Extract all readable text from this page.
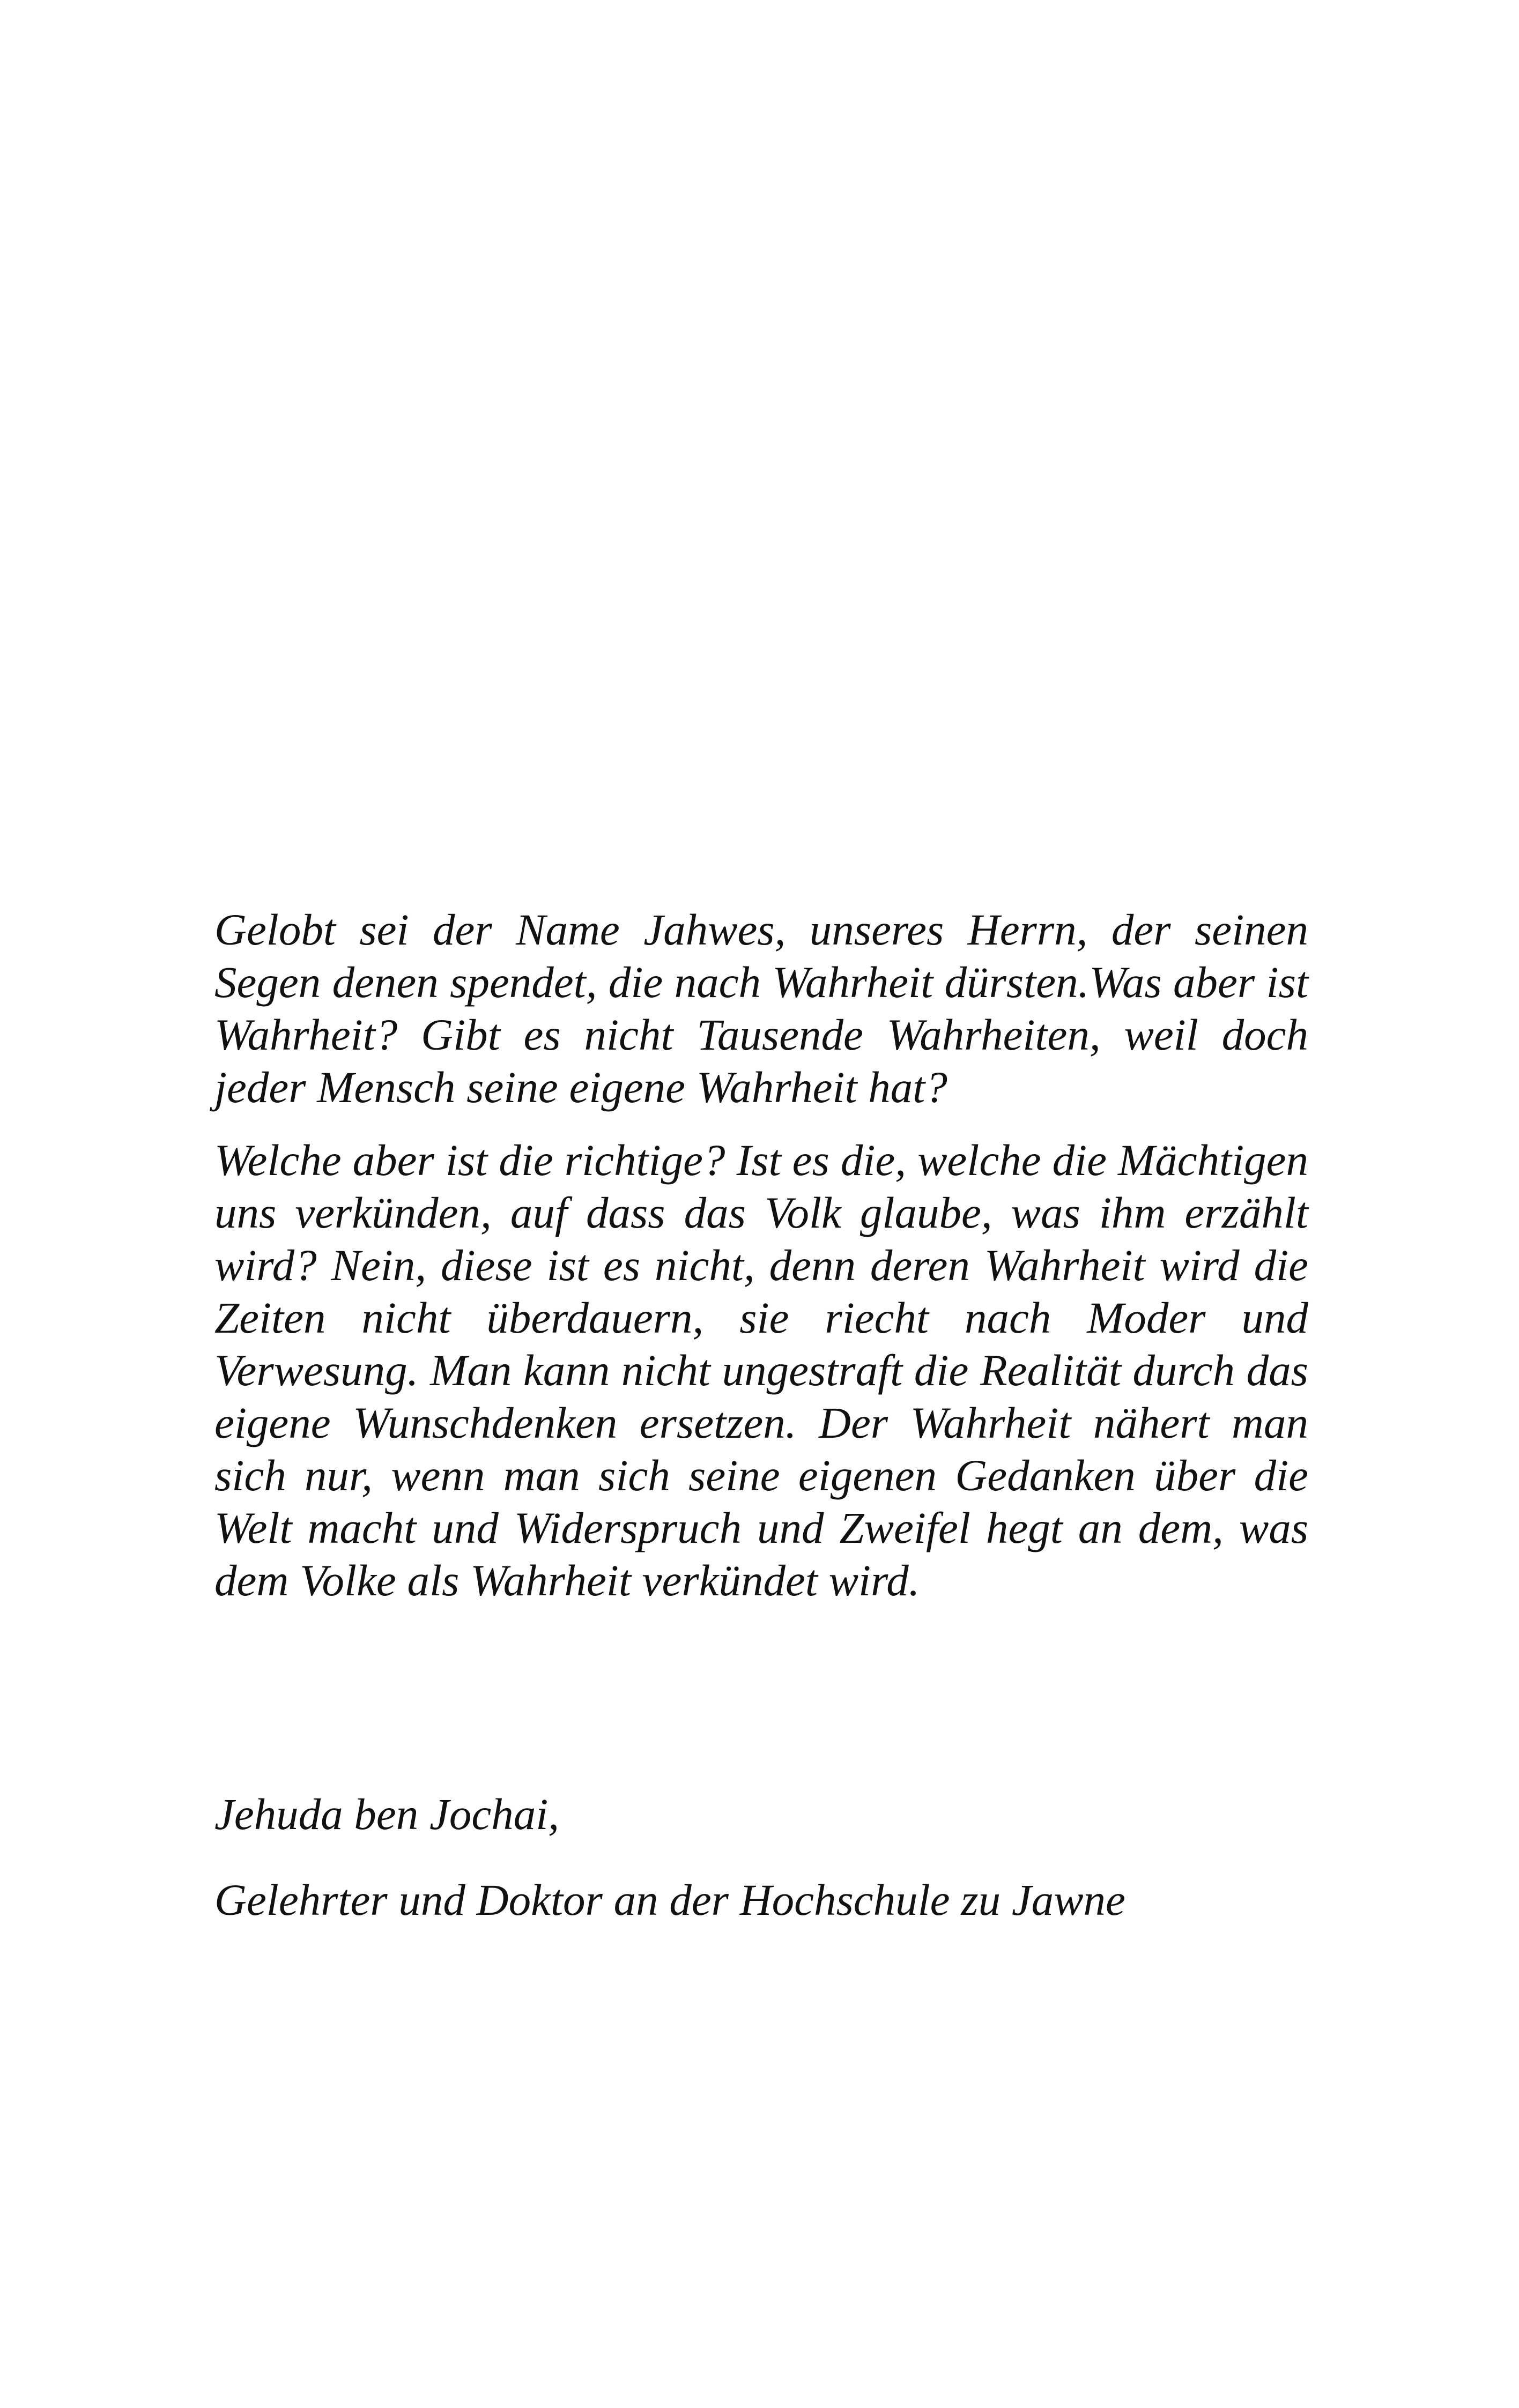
Gelobt sei der Name Jahwes, unseres Herrn, der seinen Segen denen spendet, die nach Wahrheit dürsten.Was aber ist Wahrheit? Gibt es nicht Tausende Wahrheiten, weil doch jeder Mensch seine eigene Wahrheit hat?

Welche aber ist die richtige? Ist es die, welche die Mächtigen uns verkünden, auf dass das Volk glaube, was ihm erzählt wird? Nein, diese ist es nicht, denn deren Wahrheit wird die Zeiten nicht überdauern, sie riecht nach Moder und Verwesung. Man kann nicht ungestraft die Realität durch das eigene Wunschdenken ersetzen. Der Wahrheit nähert man sich nur, wenn man sich seine eigenen Gedanken über die Welt macht und Widerspruch und Zweifel hegt an dem, was dem Volke als Wahrheit verkündet wird.

Jehuda ben Jochai,

Gelehrter und Doktor an der Hochschule zu Jawne
